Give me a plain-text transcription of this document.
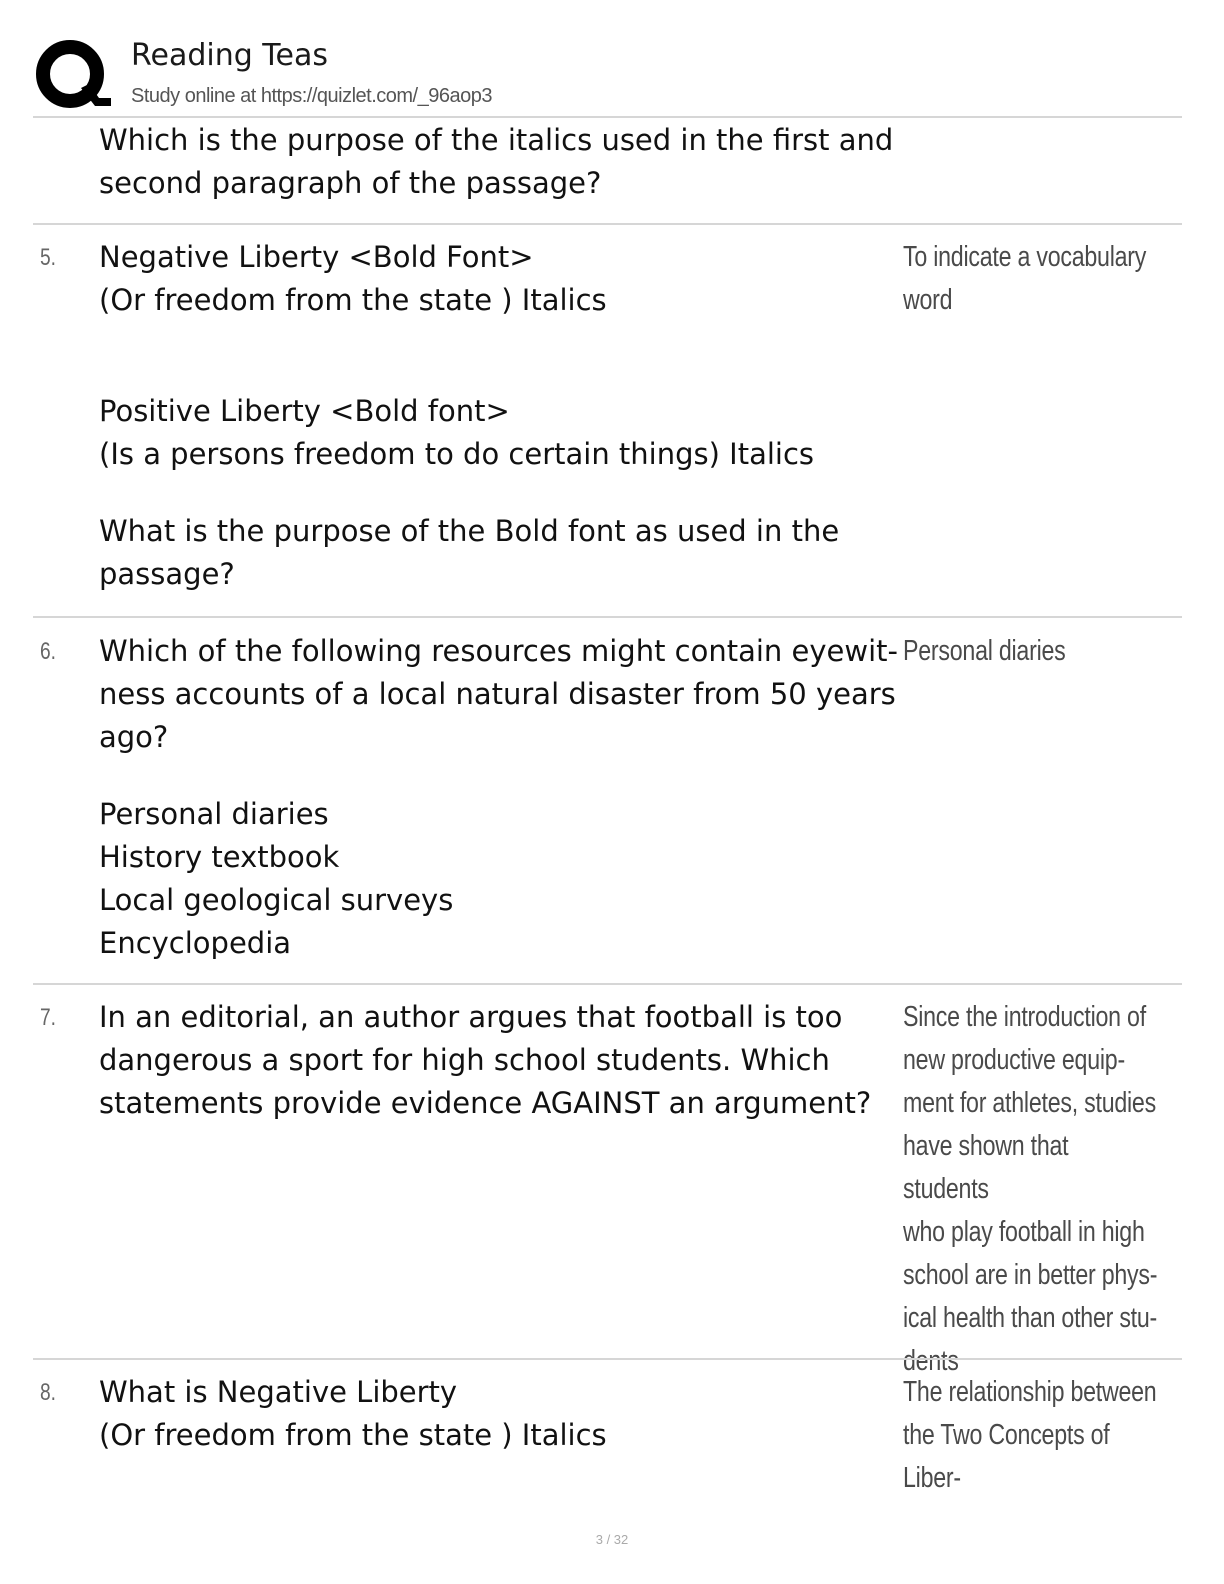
Reading Teas
Study online at https://quizlet.com/_96aop3

Which is the purpose of the italics used in the first and
second paragraph of the passage?

5. Negative Liberty <Bold Font>
(Or freedom from the state ) Italics

Positive Liberty <Bold font>
(Is a persons freedom to do certain things) Italics

What is the purpose of the Bold font as used in the
passage?

To indicate a vocabulary
word
6. Which of the following resources might contain eyewit-
ness accounts of a local natural disaster from 50 years
ago?

Personal diaries
History textbook
Local geological surveys
Encyclopedia

Personal diaries
7. In an editorial, an author argues that football is too
dangerous a sport for high school students. Which
statements provide evidence AGAINST an argument?

Since the introduction of
new productive equip-
ment for athletes, studies
have shown that students
who play football in high
school are in better phys-
ical health than other stu-
dents
8. What is Negative Liberty
(Or freedom from the state ) Italics

The relationship between
the Two Concepts of Liber-
3 / 32
